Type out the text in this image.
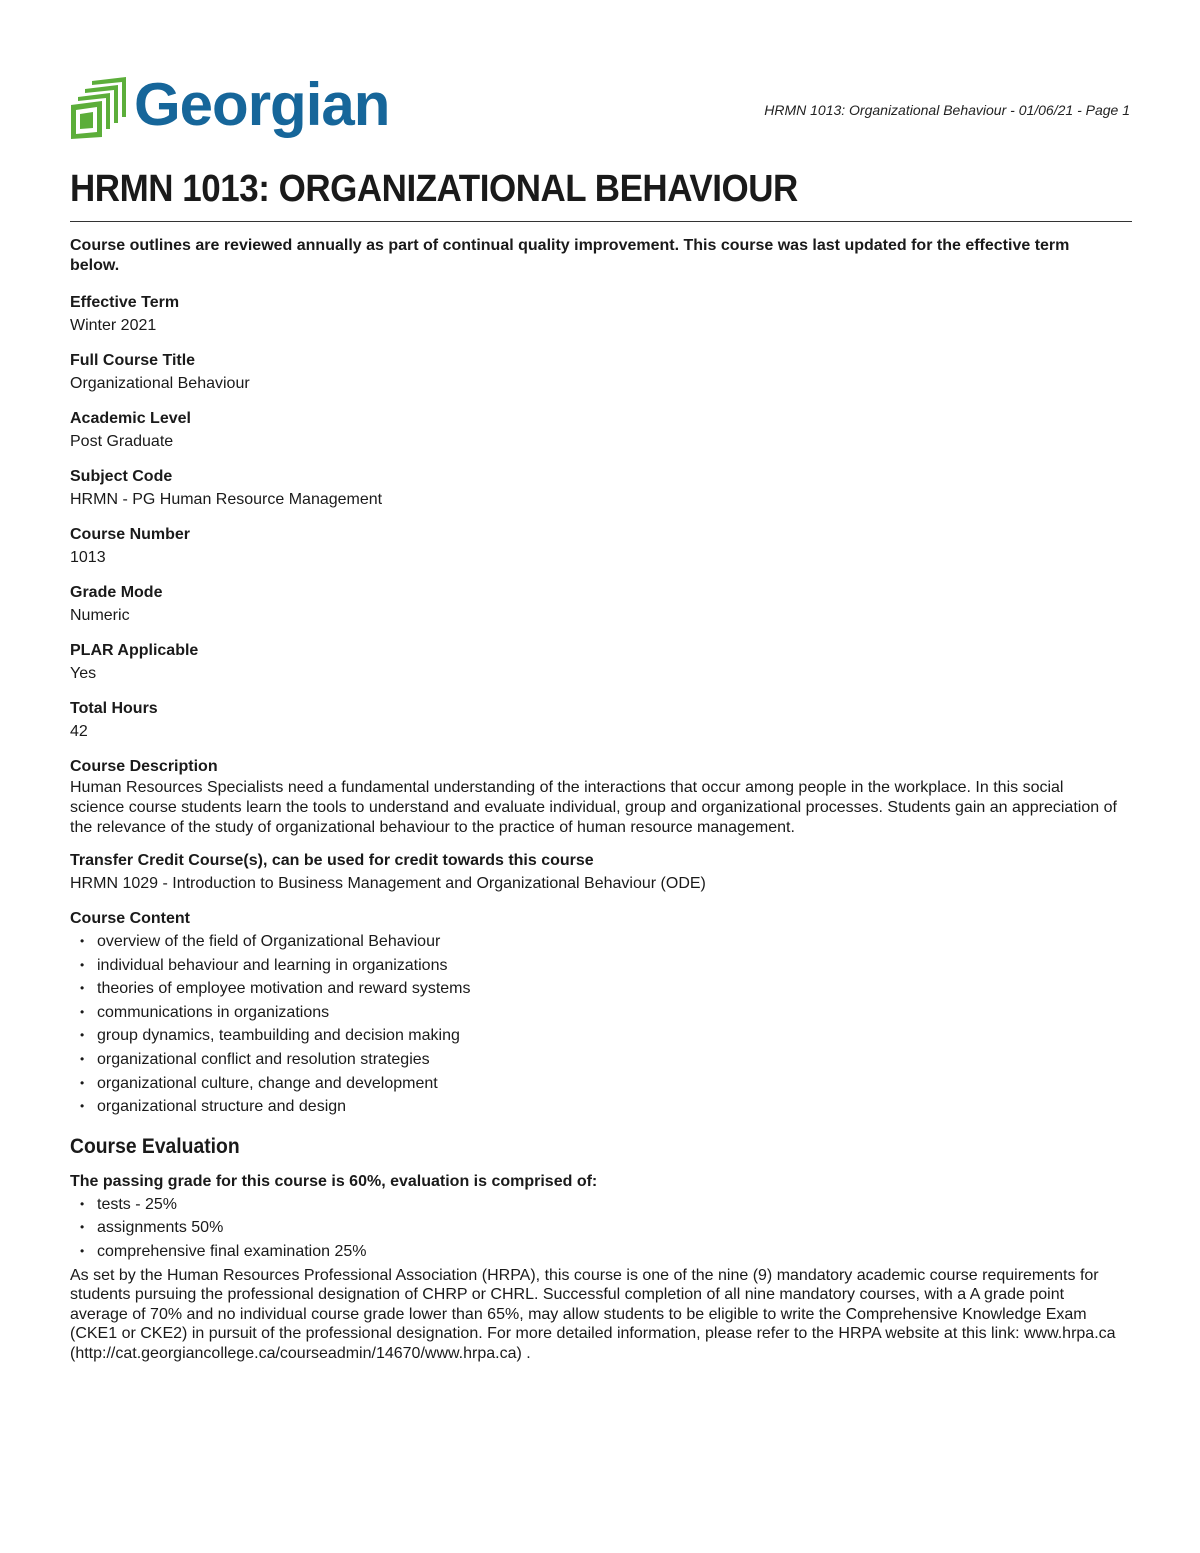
Georgian	HRMN 1013: Organizational Behaviour - 01/06/21 - Page 1
HRMN 1013: ORGANIZATIONAL BEHAVIOUR

Course outlines are reviewed annually as part of continual quality improvement. This course was last updated for the effective term below.

Effective Term
Winter 2021
Full Course Title
Organizational Behaviour
Academic Level
Post Graduate
Subject Code
HRMN - PG Human Resource Management
Course Number
1013
Grade Mode
Numeric
PLAR Applicable
Yes
Total Hours
42
Course Description
Human Resources Specialists need a fundamental understanding of the interactions that occur among people in the workplace. In this social science course students learn the tools to understand and evaluate individual, group and organizational processes. Students gain an appreciation of the relevance of the study of organizational behaviour to the practice of human resource management.
Transfer Credit Course(s), can be used for credit towards this course
HRMN 1029 - Introduction to Business Management and Organizational Behaviour (ODE)
Course Content
• overview of the field of Organizational Behaviour
• individual behaviour and learning in organizations
• theories of employee motivation and reward systems
• communications in organizations
• group dynamics, teambuilding and decision making
• organizational conflict and resolution strategies
• organizational culture, change and development
• organizational structure and design
Course Evaluation
The passing grade for this course is 60%, evaluation is comprised of:
• tests - 25%
• assignments 50%
• comprehensive final examination 25%
As set by the Human Resources Professional Association (HRPA), this course is one of the nine (9) mandatory academic course requirements for students pursuing the professional designation of CHRP or CHRL. Successful completion of all nine mandatory courses, with a A grade point average of 70% and no individual course grade lower than 65%, may allow students to be eligible to write the Comprehensive Knowledge Exam (CKE1 or CKE2) in pursuit of the professional designation. For more detailed information, please refer to the HRPA website at this link: www.hrpa.ca (http://cat.georgiancollege.ca/courseadmin/14670/www.hrpa.ca) .
